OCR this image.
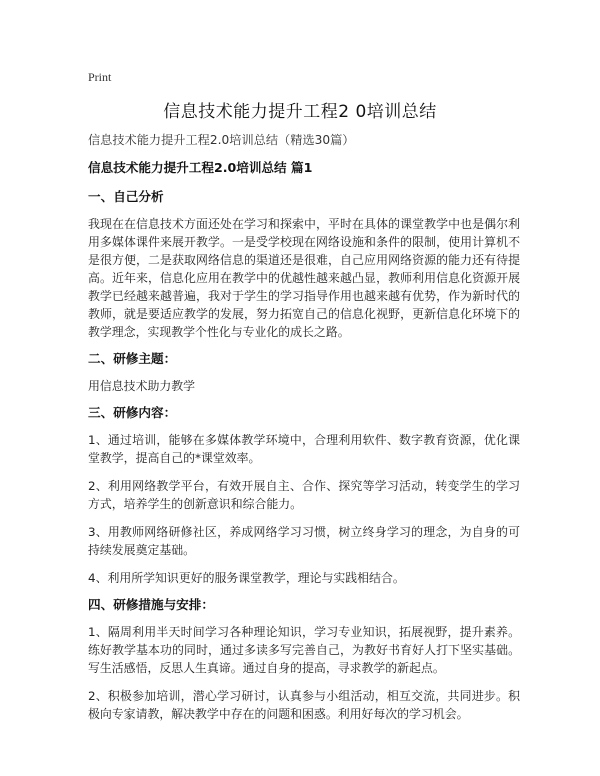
Print
信息技术能力提升工程2 0培训总结
信息技术能力提升工程2.0培训总结（精选30篇）
信息技术能力提升工程2.0培训总结 篇1
一、自己分析
我现在在信息技术方面还处在学习和探索中，平时在具体的课堂教学中也是偶尔利用多媒体课件来展开教学。一是受学校现在网络设施和条件的限制，使用计算机不是很方便，二是获取网络信息的渠道还是很难，自己应用网络资源的能力还有待提高。近年来，信息化应用在教学中的优越性越来越凸显，教师利用信息化资源开展教学已经越来越普遍，我对于学生的学习指导作用也越来越有优势，作为新时代的教师，就是要适应教学的发展，努力拓宽自己的信息化视野，更新信息化环境下的教学理念，实现教学个性化与专业化的成长之路。
二、研修主题：
用信息技术助力教学
三、研修内容：
1、通过培训，能够在多媒体教学环境中，合理利用软件、数字教育资源，优化课堂教学，提高自己的*课堂效率。
2、利用网络教学平台，有效开展自主、合作、探究等学习活动，转变学生的学习方式，培养学生的创新意识和综合能力。
3、用教师网络研修社区，养成网络学习习惯，树立终身学习的理念，为自身的可持续发展奠定基础。
4、利用所学知识更好的服务课堂教学，理论与实践相结合。
四、研修措施与安排：
1、隔周利用半天时间学习各种理论知识，学习专业知识，拓展视野，提升素养。练好教学基本功的同时，通过多读多写完善自己，为教好书育好人打下坚实基础。写生活感悟，反思人生真谛。通过自身的提高，寻求教学的新起点。
2、积极参加培训，潜心学习研讨，认真参与小组活动，相互交流，共同进步。积极向专家请教，解决教学中存在的问题和困惑。利用好每次的学习机会。
